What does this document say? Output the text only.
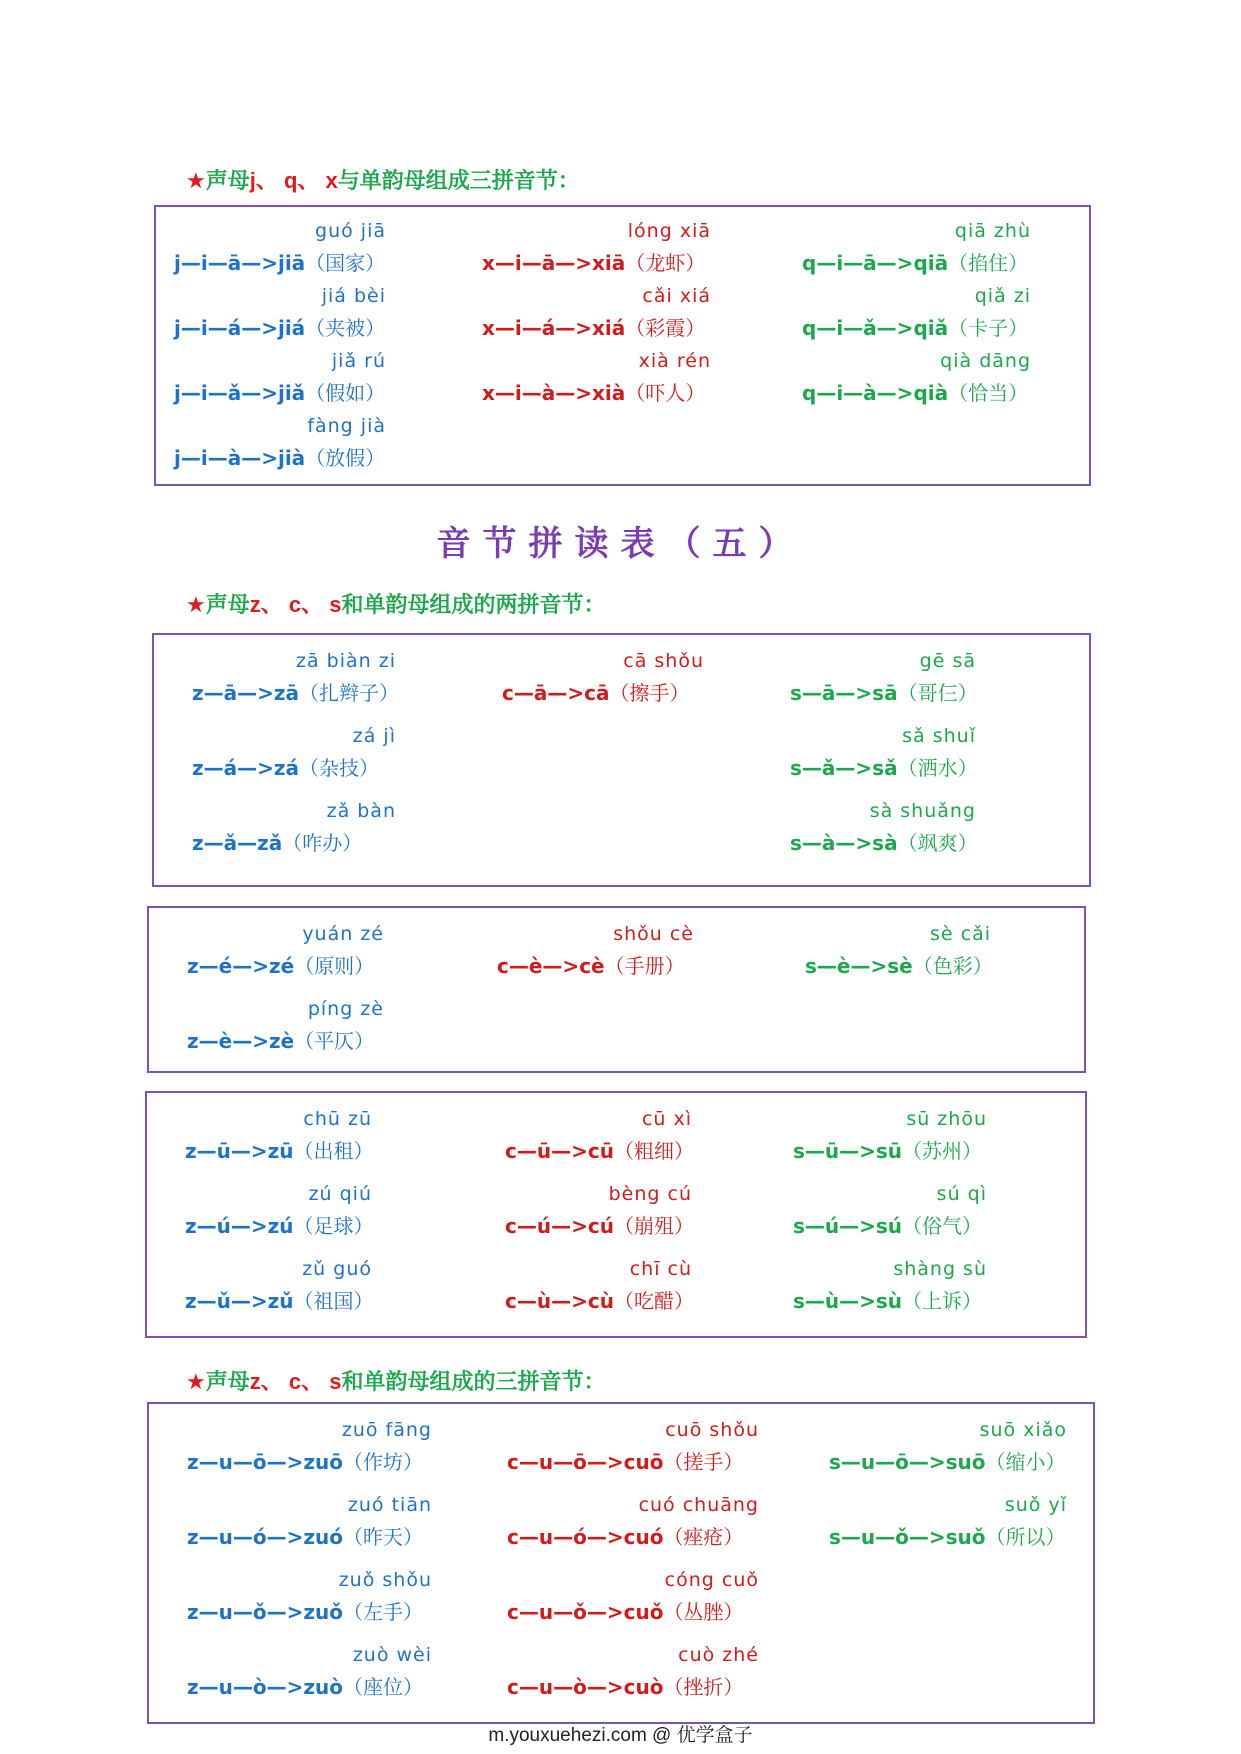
★声母j、 q、 x与单韵母组成三拼音节：
guó jiā
j—i—ā—>jiā（国家）
jiá bèi
j—i—á—>jiá（夹被）
jiǎ rú
j—i—ǎ—>jiǎ（假如）
fàng jià
j—i—à—>jià（放假）
lóng xiā
x—i—ā—>xiā（龙虾）
cǎi xiá
x—i—á—>xiá（彩霞）
xià rén
x—i—à—>xià（吓人）
qiā zhù
q—i—ā—>qiā（掐住）
qiǎ zi
q—i—ǎ—>qiǎ（卡子）
qià dāng
q—i—à—>qià（恰当）
音节拼读表（五）
★声母z、 c、 s和单韵母组成的两拼音节：
zā biàn zi
z—ā—>zā（扎辫子）
zá jì
z—á—>zá（杂技）
zǎ bàn
z—ǎ—zǎ（咋办）
cā shǒu
c—ā—>cā（擦手）
gē sā
s—ā—>sā（哥仨）
sǎ shuǐ
s—ǎ—>sǎ（洒水）
sà shuǎng
s—à—>sà（飒爽）
yuán zé
z—é—>zé（原则）
píng zè
z—è—>zè（平仄）
shǒu cè
c—è—>cè（手册）
sè cǎi
s—è—>sè（色彩）
chū zū
z—ū—>zū（出租）
zú qiú
z—ú—>zú（足球）
zǔ guó
z—ǔ—>zǔ（祖国）
cū xì
c—ū—>cū（粗细）
bèng cú
c—ú—>cú（崩殂）
chī cù
c—ù—>cù（吃醋）
sū zhōu
s—ū—>sū（苏州）
sú qì
s—ú—>sú（俗气）
shàng sù
s—ù—>sù（上诉）
★声母z、 c、 s和单韵母组成的三拼音节：
zuō fāng
z—u—ō—>zuō（作坊）
zuó tiān
z—u—ó—>zuó（昨天）
zuǒ shǒu
z—u—ǒ—>zuǒ（左手）
zuò wèi
z—u—ò—>zuò（座位）
cuō shǒu
c—u—ō—>cuō（搓手）
cuó chuāng
c—u—ó—>cuó（痤疮）
cóng cuǒ
c—u—ǒ—>cuǒ（丛脞）
cuò zhé
c—u—ò—>cuò（挫折）
suō xiǎo
s—u—ō—>suō（缩小）
suǒ yǐ
s—u—ǒ—>suǒ（所以）
m.youxuehezi.com @ 优学盒子
